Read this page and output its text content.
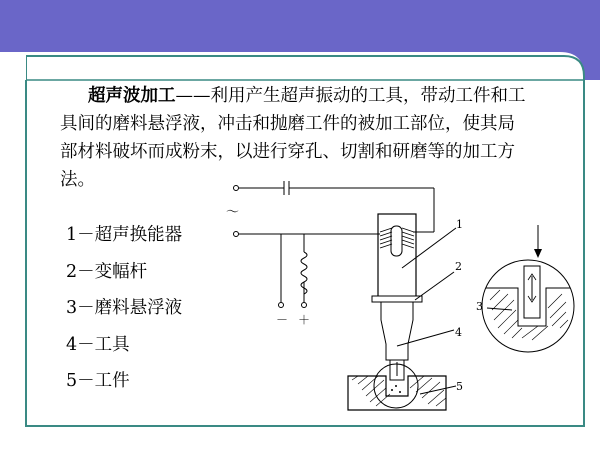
超声波加工——利用产生超声振动的工具，带动工件和工具间的磨料悬浮液，冲击和抛磨工件的被加工部位，使其局部材料破坏而成粉末，以进行穿孔、切割和研磨等的加工方法。

1－超声换能器
2－变幅杆
3－磨料悬浮液
4－工具
5－工件
1
2
3
4
5
～
－ ＋
